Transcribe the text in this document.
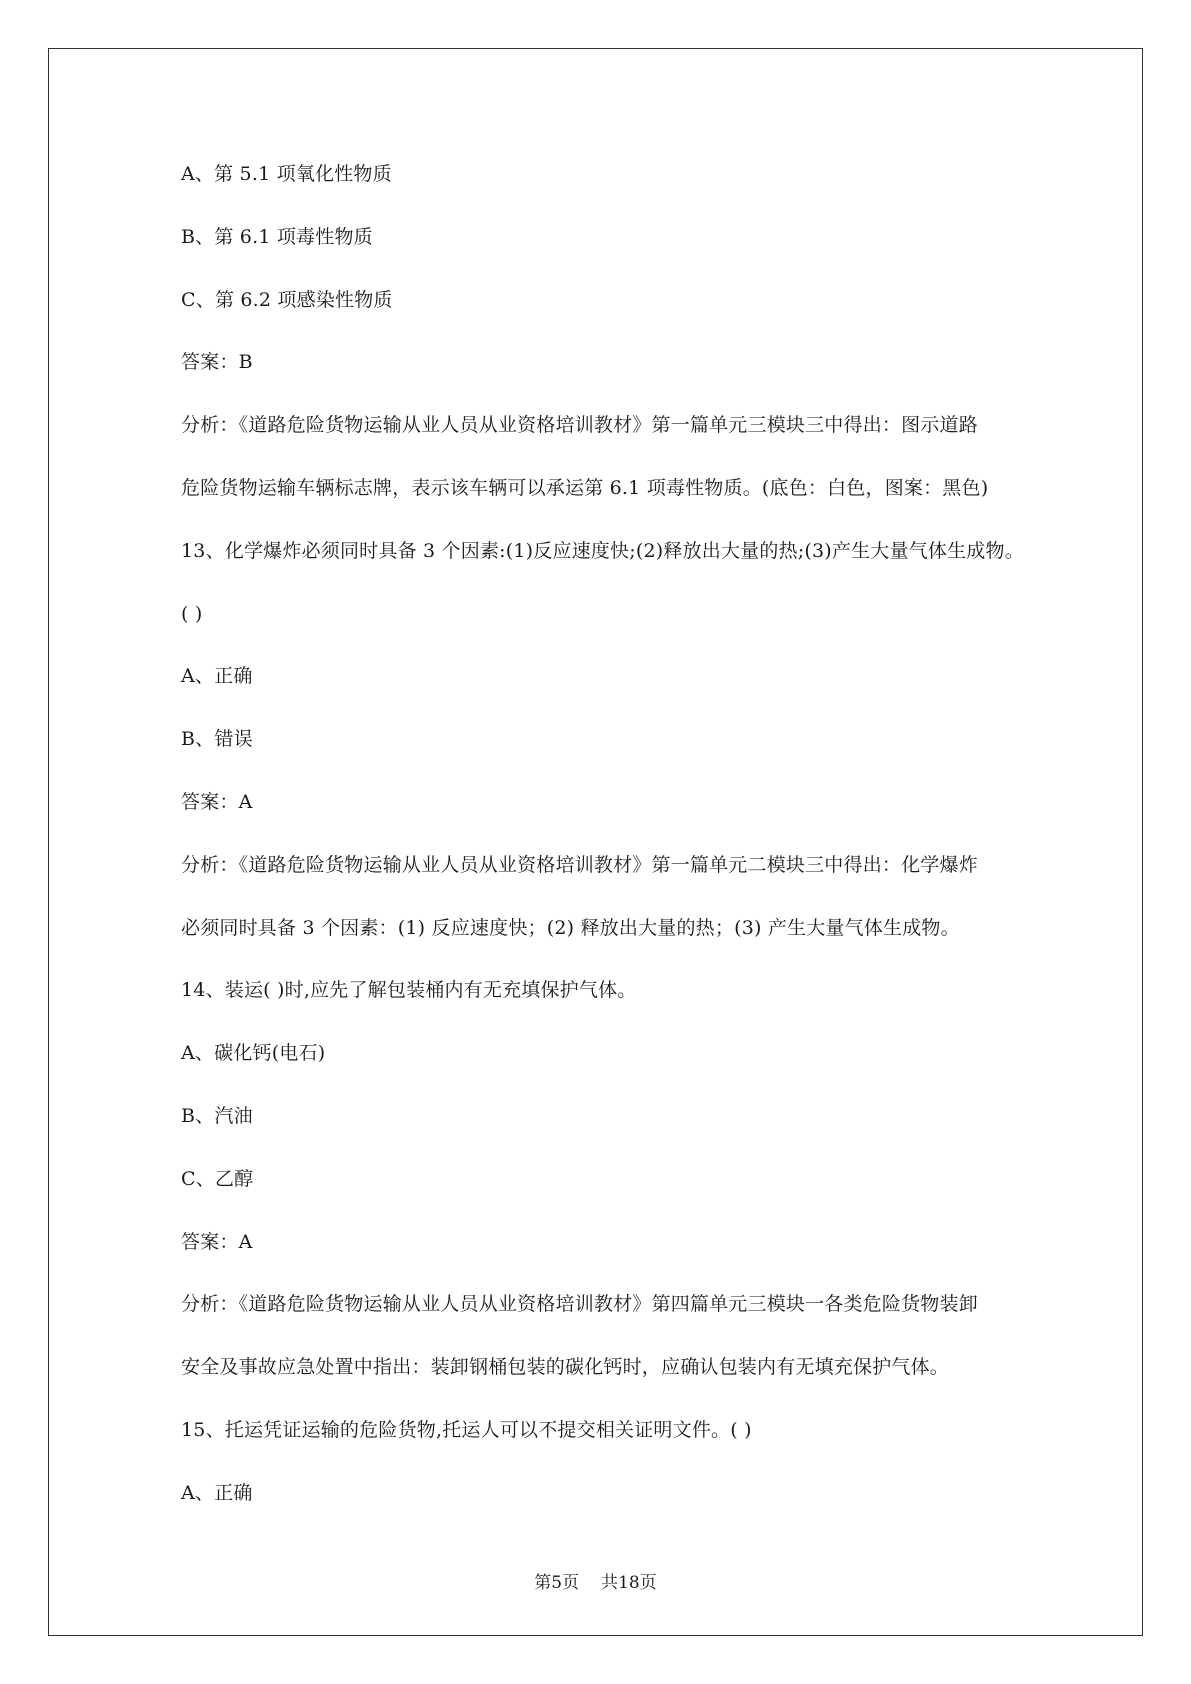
A、第 5.1 项氧化性物质
B、第 6.1 项毒性物质
C、第 6.2 项感染性物质
答案：B
分析：《道路危险货物运输从业人员从业资格培训教材》第一篇单元三模块三中得出：图示道路
危险货物运输车辆标志牌，表示该车辆可以承运第 6.1 项毒性物质。(底色：白色，图案：黑色)
13、化学爆炸必须同时具备 3 个因素:(1)反应速度快;(2)释放出大量的热;(3)产生大量气体生成物。
( )
A、正确
B、错误
答案：A
分析：《道路危险货物运输从业人员从业资格培训教材》第一篇单元二模块三中得出：化学爆炸
必须同时具备 3 个因素：(1) 反应速度快；(2) 释放出大量的热；(3) 产生大量气体生成物。
14、装运( )时,应先了解包装桶内有无充填保护气体。
A、碳化钙(电石)
B、汽油
C、乙醇
答案：A
分析：《道路危险货物运输从业人员从业资格培训教材》第四篇单元三模块一各类危险货物装卸
安全及事故应急处置中指出：装卸钢桶包装的碳化钙时，应确认包装内有无填充保护气体。
15、托运凭证运输的危险货物,托运人可以不提交相关证明文件。( )
A、正确
第5页 共18页
